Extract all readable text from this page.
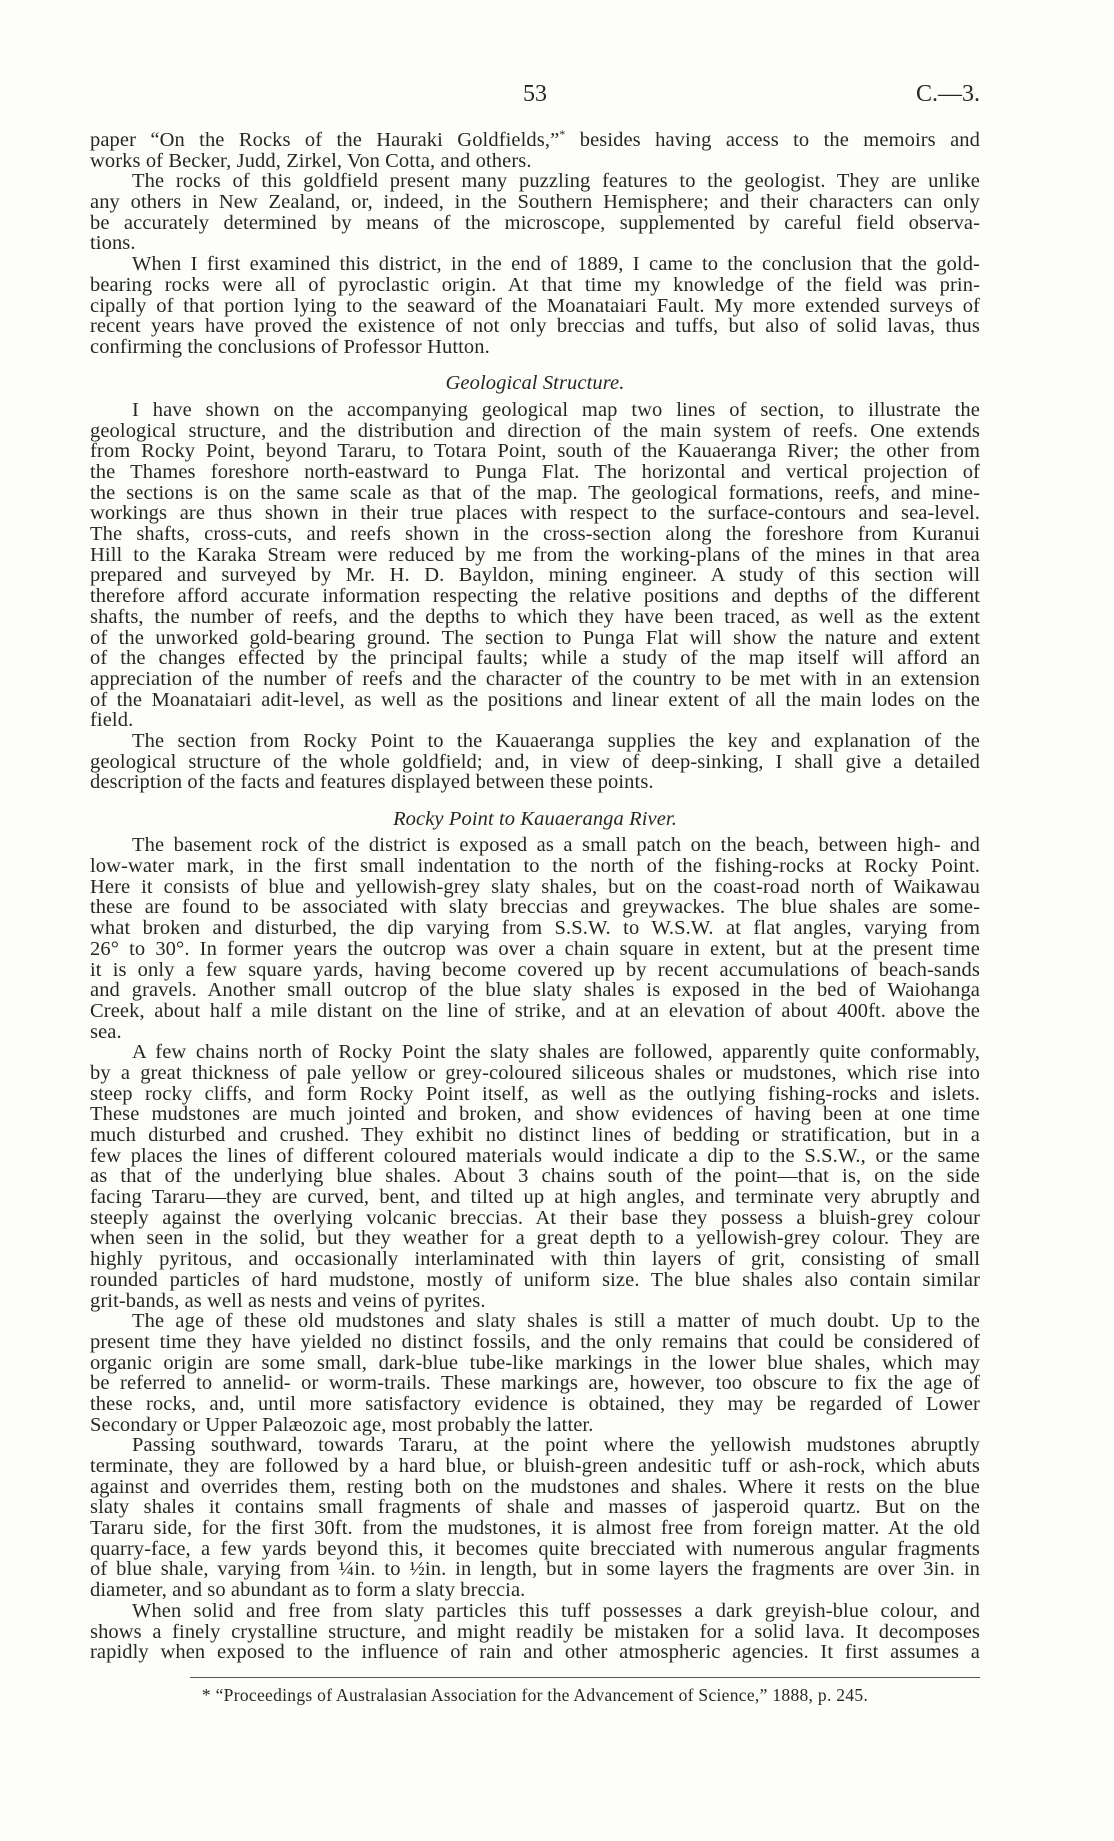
53	C.—3.
paper “On the Rocks of the Hauraki Goldfields,”* besides having access to the memoirs and
works of Becker, Judd, Zirkel, Von Cotta, and others.
The rocks of this goldfield present many puzzling features to the geologist. They are unlike
any others in New Zealand, or, indeed, in the Southern Hemisphere; and their characters can only
be accurately determined by means of the microscope, supplemented by careful field observa-
tions.
When I first examined this district, in the end of 1889, I came to the conclusion that the gold-
bearing rocks were all of pyroclastic origin. At that time my knowledge of the field was prin-
cipally of that portion lying to the seaward of the Moanataiari Fault. My more extended surveys of
recent years have proved the existence of not only breccias and tuffs, but also of solid lavas, thus
confirming the conclusions of Professor Hutton.
Geological Structure.
I have shown on the accompanying geological map two lines of section, to illustrate the
geological structure, and the distribution and direction of the main system of reefs. One extends
from Rocky Point, beyond Tararu, to Totara Point, south of the Kauaeranga River; the other from
the Thames foreshore north-eastward to Punga Flat. The horizontal and vertical projection of
the sections is on the same scale as that of the map. The geological formations, reefs, and mine-
workings are thus shown in their true places with respect to the surface-contours and sea-level.
The shafts, cross-cuts, and reefs shown in the cross-section along the foreshore from Kuranui
Hill to the Karaka Stream were reduced by me from the working-plans of the mines in that area
prepared and surveyed by Mr. H. D. Bayldon, mining engineer. A study of this section will
therefore afford accurate information respecting the relative positions and depths of the different
shafts, the number of reefs, and the depths to which they have been traced, as well as the extent
of the unworked gold-bearing ground. The section to Punga Flat will show the nature and extent
of the changes effected by the principal faults; while a study of the map itself will afford an
appreciation of the number of reefs and the character of the country to be met with in an extension
of the Moanataiari adit-level, as well as the positions and linear extent of all the main lodes on the
field.
The section from Rocky Point to the Kauaeranga supplies the key and explanation of the
geological structure of the whole goldfield; and, in view of deep-sinking, I shall give a detailed
description of the facts and features displayed between these points.
Rocky Point to Kauaeranga River.
The basement rock of the district is exposed as a small patch on the beach, between high- and
low-water mark, in the first small indentation to the north of the fishing-rocks at Rocky Point.
Here it consists of blue and yellowish-grey slaty shales, but on the coast-road north of Waikawau
these are found to be associated with slaty breccias and greywackes. The blue shales are some-
what broken and disturbed, the dip varying from S.S.W. to W.S.W. at flat angles, varying from
26° to 30°. In former years the outcrop was over a chain square in extent, but at the present time
it is only a few square yards, having become covered up by recent accumulations of beach-sands
and gravels. Another small outcrop of the blue slaty shales is exposed in the bed of Waiohanga
Creek, about half a mile distant on the line of strike, and at an elevation of about 400ft. above the
sea.
A few chains north of Rocky Point the slaty shales are followed, apparently quite conformably,
by a great thickness of pale yellow or grey-coloured siliceous shales or mudstones, which rise into
steep rocky cliffs, and form Rocky Point itself, as well as the outlying fishing-rocks and islets.
These mudstones are much jointed and broken, and show evidences of having been at one time
much disturbed and crushed. They exhibit no distinct lines of bedding or stratification, but in a
few places the lines of different coloured materials would indicate a dip to the S.S.W., or the same
as that of the underlying blue shales. About 3 chains south of the point—that is, on the side
facing Tararu—they are curved, bent, and tilted up at high angles, and terminate very abruptly and
steeply against the overlying volcanic breccias. At their base they possess a bluish-grey colour
when seen in the solid, but they weather for a great depth to a yellowish-grey colour. They are
highly pyritous, and occasionally interlaminated with thin layers of grit, consisting of small
rounded particles of hard mudstone, mostly of uniform size. The blue shales also contain similar
grit-bands, as well as nests and veins of pyrites.
The age of these old mudstones and slaty shales is still a matter of much doubt. Up to the
present time they have yielded no distinct fossils, and the only remains that could be considered of
organic origin are some small, dark-blue tube-like markings in the lower blue shales, which may
be referred to annelid- or worm-trails. These markings are, however, too obscure to fix the age of
these rocks, and, until more satisfactory evidence is obtained, they may be regarded of Lower
Secondary or Upper Palæozoic age, most probably the latter.
Passing southward, towards Tararu, at the point where the yellowish mudstones abruptly
terminate, they are followed by a hard blue, or bluish-green andesitic tuff or ash-rock, which abuts
against and overrides them, resting both on the mudstones and shales. Where it rests on the blue
slaty shales it contains small fragments of shale and masses of jasperoid quartz. But on the
Tararu side, for the first 30ft. from the mudstones, it is almost free from foreign matter. At the old
quarry-face, a few yards beyond this, it becomes quite brecciated with numerous angular fragments
of blue shale, varying from ¼in. to ½in. in length, but in some layers the fragments are over 3in. in
diameter, and so abundant as to form a slaty breccia.
When solid and free from slaty particles this tuff possesses a dark greyish-blue colour, and
shows a finely crystalline structure, and might readily be mistaken for a solid lava. It decomposes
rapidly when exposed to the influence of rain and other atmospheric agencies. It first assumes a
* “Proceedings of Australasian Association for the Advancement of Science,” 1888, p. 245.
